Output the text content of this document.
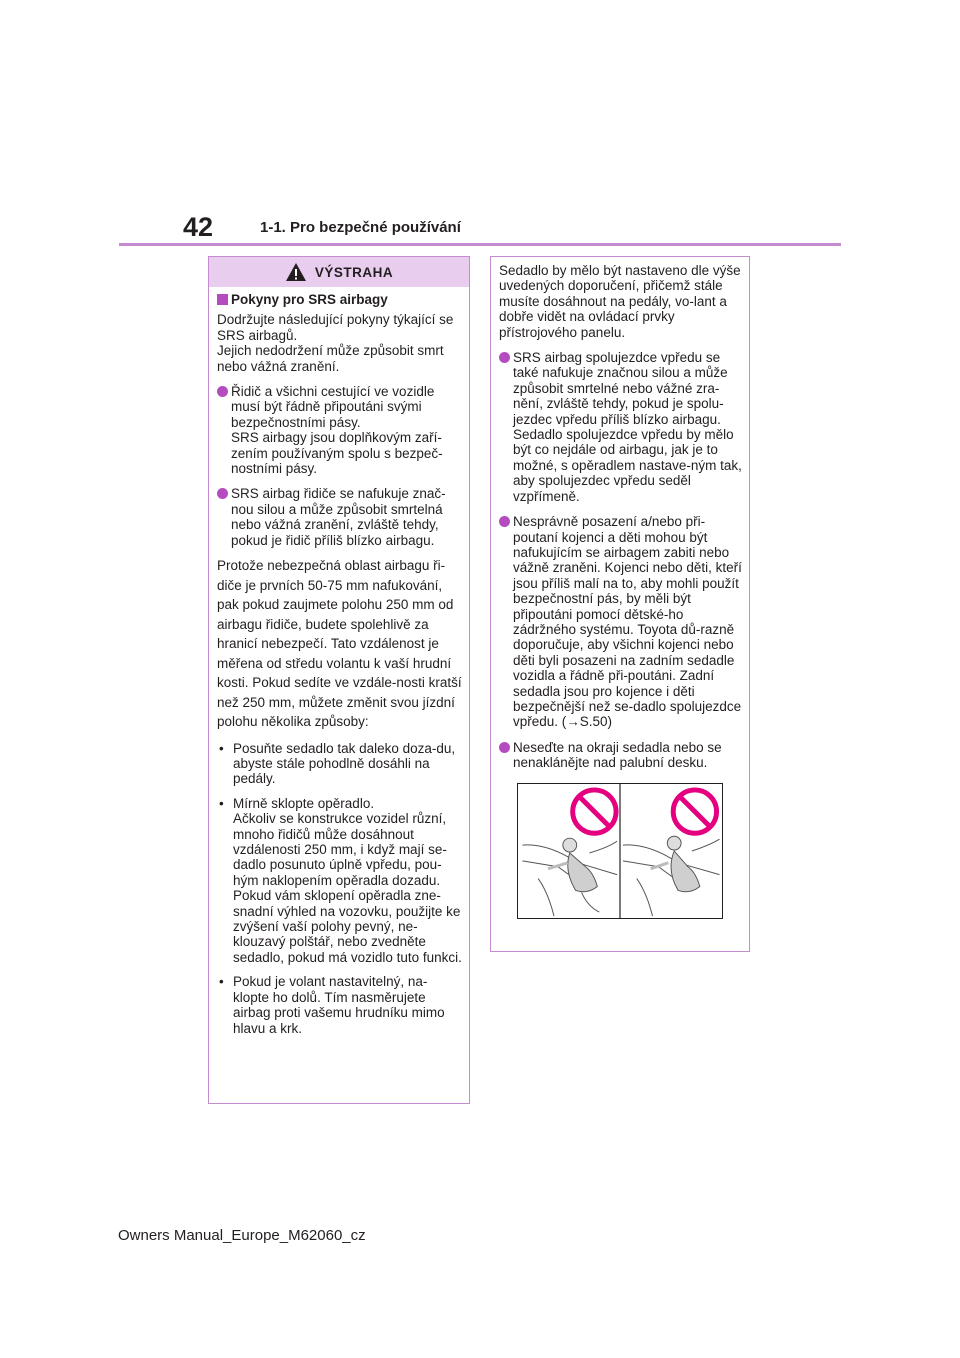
42	1-1. Pro bezpečné používání
VÝSTRAHA

Pokyny pro SRS airbagy

Dodržujte následující pokyny týkající se SRS airbagů.

Jejich nedodržení může způsobit smrt nebo vážná zranění.

Řidič a všichni cestující ve vozidle musí být řádně připoutáni svými bezpečnostními pásy.

SRS airbagy jsou doplňkovým zaří-zením používaným spolu s bezpeč-nostními pásy.

SRS airbag řidiče se nafukuje znač-nou silou a může způsobit smrtelná nebo vážná zranění, zvláště tehdy, pokud je řidič příliš blízko airbagu.

Protože nebezpečná oblast airbagu ři-diče je prvních 50-75 mm nafukování, pak pokud zaujmete polohu 250 mm od airbagu řidiče, budete spolehlivě za hranicí nebezpečí. Tato vzdálenost je měřena od středu volantu k vaší hrudní kosti. Pokud sedíte ve vzdále-nosti kratší než 250 mm, můžete změnit svou jízdní polohu několika způsoby:

• Posuňte sedadlo tak daleko doza-du, abyste stále pohodlně dosáhli na pedály.

• Mírně sklopte opěradlo.

Ačkoliv se konstrukce vozidel různí, mnoho řidičů může dosáhnout vzdálenosti 250 mm, i když mají se-dadlo posunuto úplně vpředu, pou-hým naklopením opěradla dozadu. Pokud vám sklopení opěradla zne-snadní výhled na vozovku, použijte ke zvýšení vaší polohy pevný, ne-klouzavý polštář, nebo zvedněte sedadlo, pokud má vozidlo tuto funkci.

• Pokud je volant nastavitelný, na-klopte ho dolů. Tím nasměrujete airbag proti vašemu hrudníku mimo hlavu a krk.

Sedadlo by mělo být nastaveno dle výše uvedených doporučení, přičemž stále musíte dosáhnout na pedály, vo-lant a dobře vidět na ovládací prvky přístrojového panelu.

SRS airbag spolujezdce vpředu se také nafukuje značnou silou a může způsobit smrtelné nebo vážné zra-nění, zvláště tehdy, pokud je spolu-jezdec vpředu příliš blízko airbagu. Sedadlo spolujezdce vpředu by mělo být co nejdále od airbagu, jak je to možné, s opěradlem nastave-ným tak, aby spolujezdec vpředu seděl vzpřímeně.

Nesprávně posazení a/nebo při-poutaní kojenci a děti mohou být nafukujícím se airbagem zabiti nebo vážně zraněni. Kojenci nebo děti, kteří jsou příliš malí na to, aby mohli použít bezpečnostní pás, by měli být připoutáni pomocí dětské-ho zádržného systému. Toyota dů-razně doporučuje, aby všichni kojenci nebo děti byli posazeni na zadním sedadle vozidla a řádně při-poutáni. Zadní sedadla jsou pro kojence i děti bezpečnější než se-dadlo spolujezdce vpředu. (→S.50)

Neseďte na okraji sedadla nebo se nenaklánějte nad palubní desku.

Owners Manual_Europe_M62060_cz
